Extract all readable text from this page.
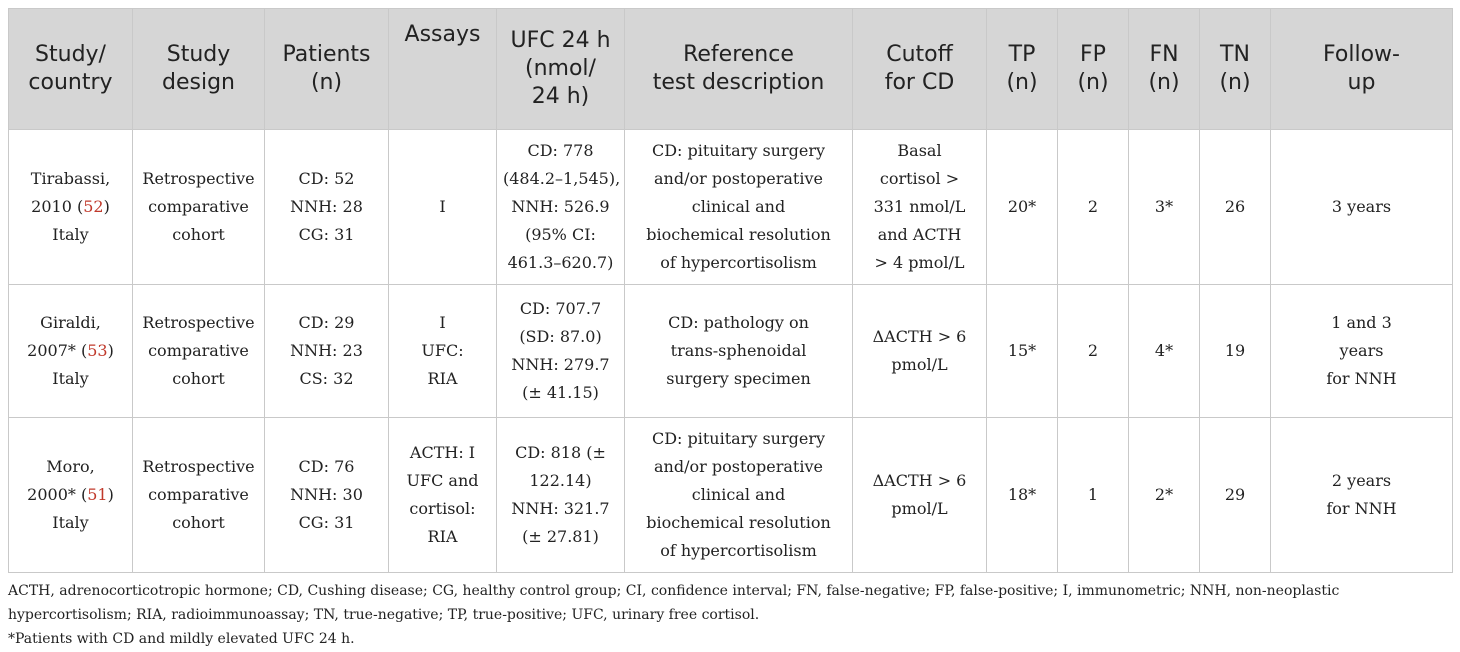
Study/
country	Study
design	Patients
(n)	Assays	UFC 24 h
(nmol/
24 h)	Reference
test description	Cutoff
for CD	TP
(n)	FP
(n)	FN
(n)	TN
(n)	Follow-
up

Tirabassi,
2010 (52)
Italy	Retrospective
comparative
cohort	CD: 52
NNH: 28
CG: 31	I	CD: 778
(484.2–1,545),
NNH: 526.9
(95% CI:
461.3–620.7)	CD: pituitary surgery
and/or postoperative
clinical and
biochemical resolution
of hypercortisolism	Basal
cortisol >
331 nmol/L
and ACTH
> 4 pmol/L	20*	2	3*	26	3 years

Giraldi,
2007* (53)
Italy	Retrospective
comparative
cohort	CD: 29
NNH: 23
CS: 32	I
UFC:
RIA	CD: 707.7
(SD: 87.0)
NNH: 279.7
(± 41.15)	CD: pathology on
trans-sphenoidal
surgery specimen	ΔACTH > 6
pmol/L	15*	2	4*	19	1 and 3
years
for NNH

Moro,
2000* (51)
Italy	Retrospective
comparative
cohort	CD: 76
NNH: 30
CG: 31	ACTH: I
UFC and
cortisol:
RIA	CD: 818 (±
122.14)
NNH: 321.7
(± 27.81)	CD: pituitary surgery
and/or postoperative
clinical and
biochemical resolution
of hypercortisolism	ΔACTH > 6
pmol/L	18*	1	2*	29	2 years
for NNH
ACTH, adrenocorticotropic hormone; CD, Cushing disease; CG, healthy control group; CI, confidence interval; FN, false-negative; FP, false-positive; I, immunometric; NNH, non-neoplastic
hypercortisolism; RIA, radioimmunoassay; TN, true-negative; TP, true-positive; UFC, urinary free cortisol.
*Patients with CD and mildly elevated UFC 24 h.
